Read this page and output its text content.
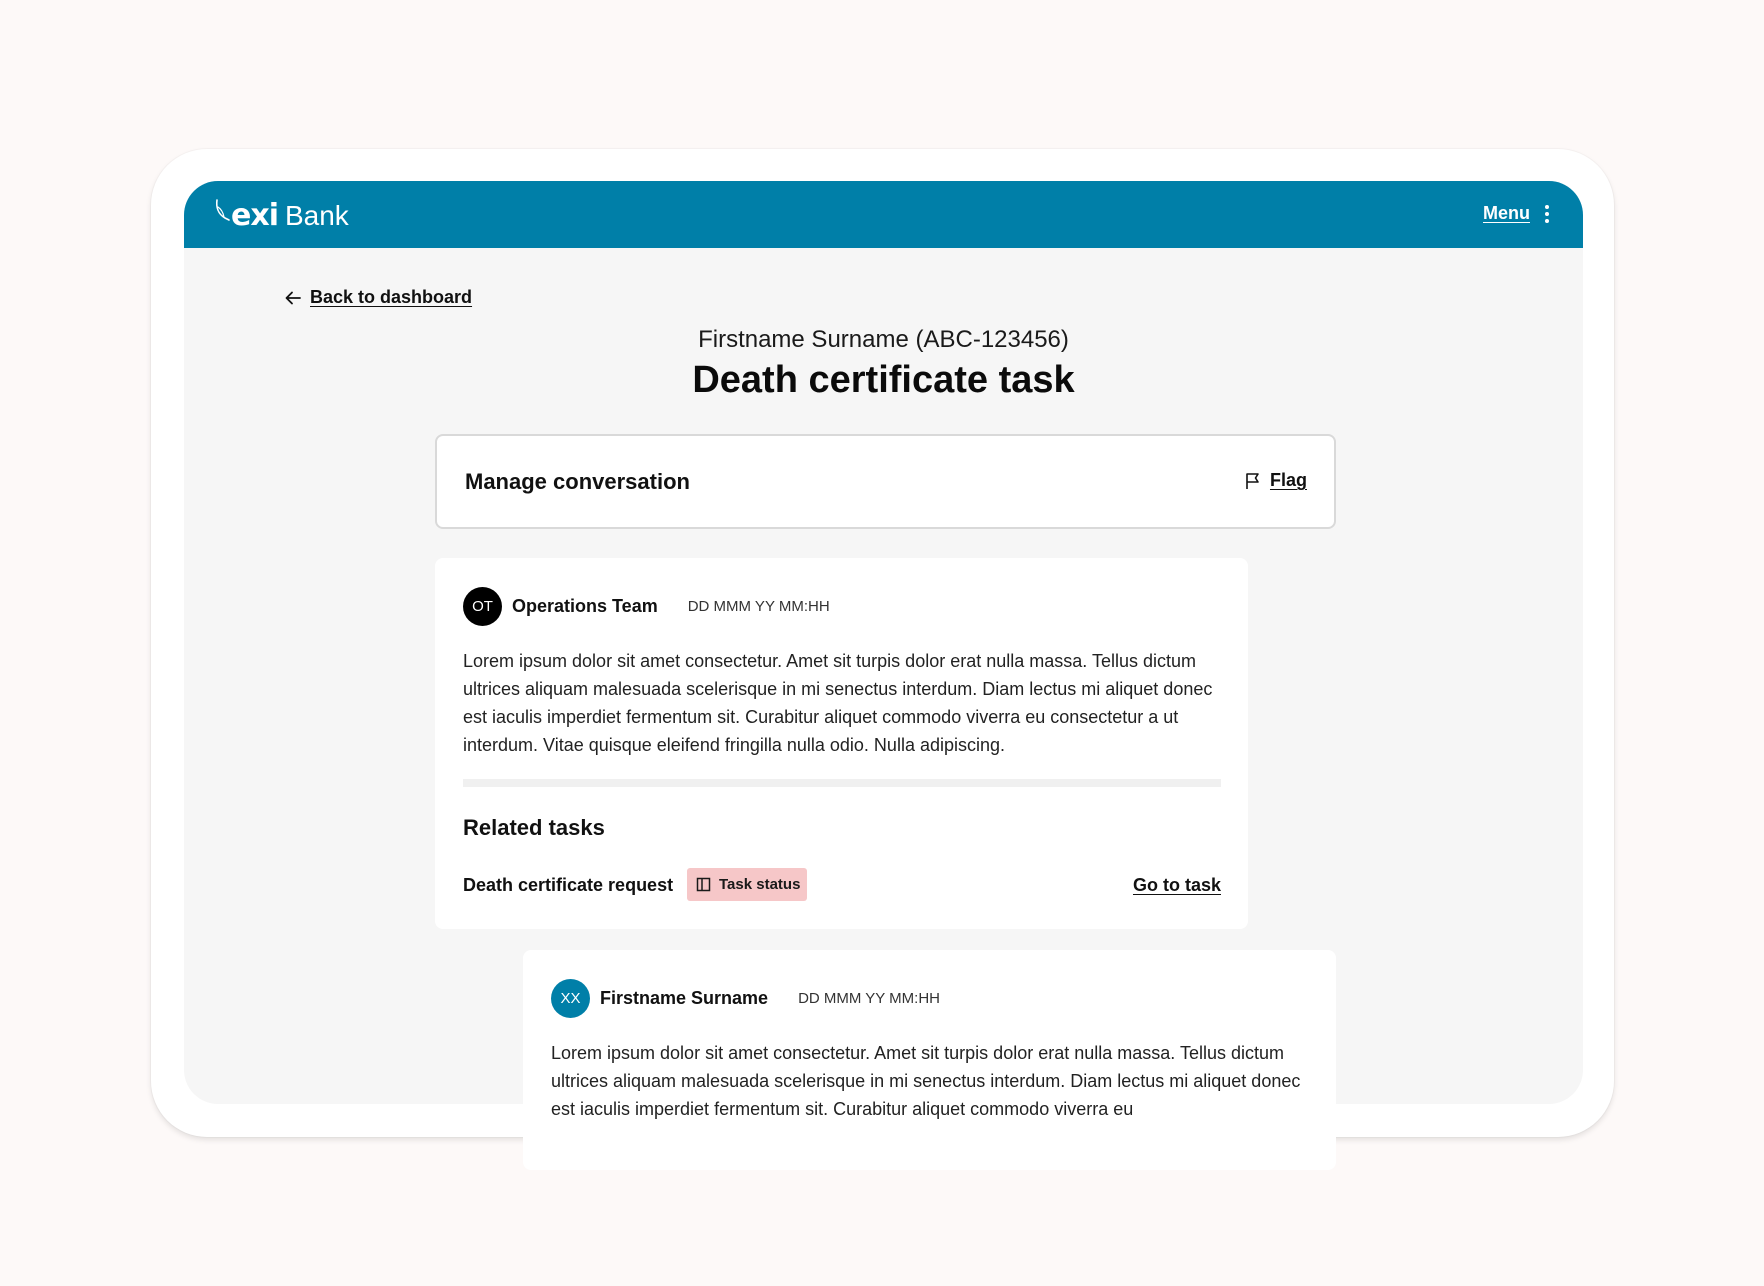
exi Bank	Menu
Back to dashboard
Firstname Surname (ABC-123456)
Death certificate task
Manage conversation	Flag
OT	Operations Team DD MMM YY MM:HH

Lorem ipsum dolor sit amet consectetur. Amet sit turpis dolor erat nulla massa. Tellus dictum ultrices aliquam malesuada scelerisque in mi senectus interdum. Diam lectus mi aliquet donec est iaculis imperdiet fermentum sit. Curabitur aliquet commodo viverra eu consectetur a ut interdum. Vitae quisque eleifend fringilla nulla odio. Nulla adipiscing.

Related tasks
Death certificate request	Task status	Go to task
XX	Firstname Surname DD MMM YY MM:HH

Lorem ipsum dolor sit amet consectetur. Amet sit turpis dolor erat nulla massa. Tellus dictum ultrices aliquam malesuada scelerisque in mi senectus interdum. Diam lectus mi aliquet donec est iaculis imperdiet fermentum sit. Curabitur aliquet commodo viverra eu
